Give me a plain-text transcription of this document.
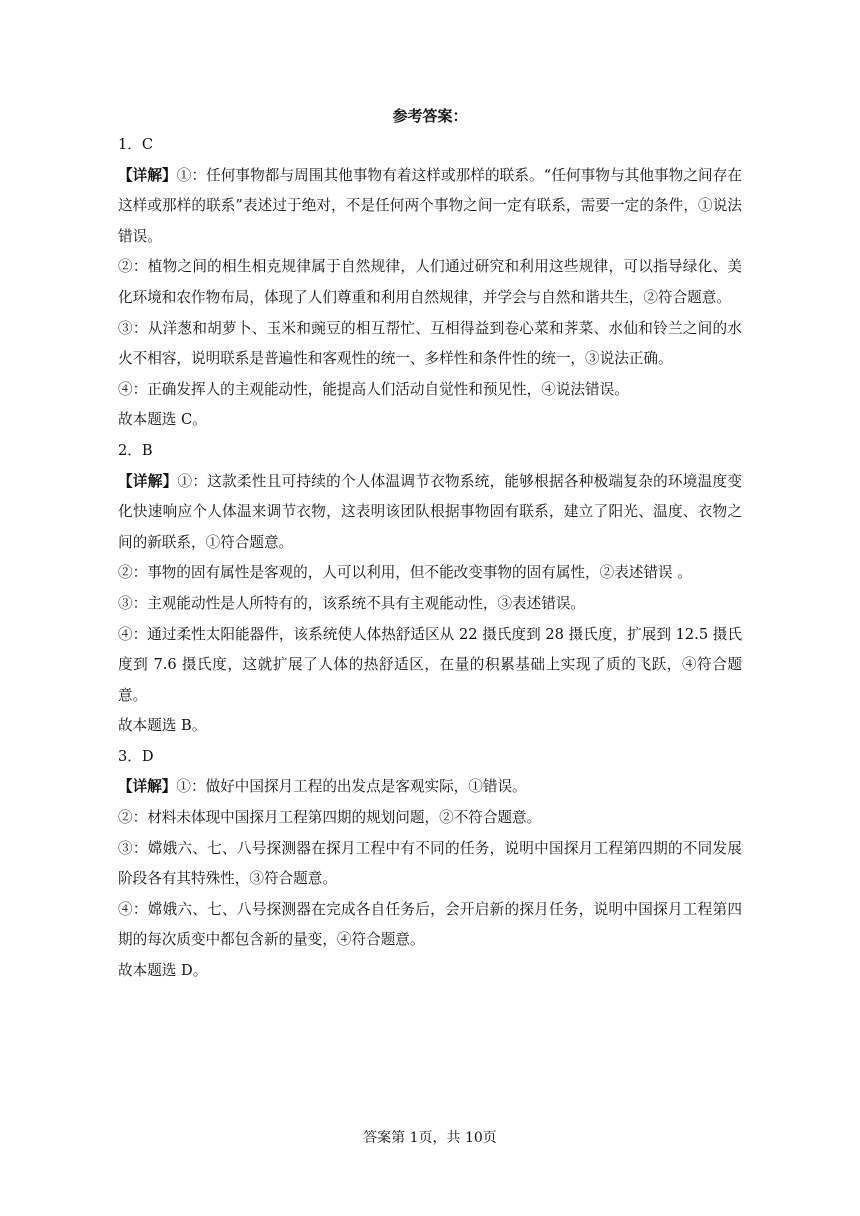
参考答案：

1．C

【详解】①：任何事物都与周围其他事物有着这样或那样的联系。“任何事物与其他事物之间存在这样或那样的联系”表述过于绝对，不是任何两个事物之间一定有联系，需要一定的条件，①说法错误。

②：植物之间的相生相克规律属于自然规律，人们通过研究和利用这些规律，可以指导绿化、美化环境和农作物布局，体现了人们尊重和利用自然规律，并学会与自然和谐共生，②符合题意。

③：从洋葱和胡萝卜、玉米和豌豆的相互帮忙、互相得益到卷心菜和荠菜、水仙和铃兰之间的水火不相容，说明联系是普遍性和客观性的统一、多样性和条件性的统一，③说法正确。

④：正确发挥人的主观能动性，能提高人们活动自觉性和预见性，④说法错误。

故本题选 C。

2．B

【详解】①：这款柔性且可持续的个人体温调节衣物系统，能够根据各种极端复杂的环境温度变化快速响应个人体温来调节衣物，这表明该团队根据事物固有联系，建立了阳光、温度、衣物之间的新联系，①符合题意。

②：事物的固有属性是客观的，人可以利用，但不能改变事物的固有属性，②表述错误 。

③：主观能动性是人所特有的，该系统不具有主观能动性，③表述错误。

④：通过柔性太阳能器件，该系统使人体热舒适区从 22 摄氏度到 28 摄氏度，扩展到 12.5 摄氏度到 7.6 摄氏度，这就扩展了人体的热舒适区，在量的积累基础上实现了质的飞跃，④符合题意。

故本题选 B。

3．D

【详解】①：做好中国探月工程的出发点是客观实际，①错误。

②：材料未体现中国探月工程第四期的规划问题，②不符合题意。

③：嫦娥六、七、八号探测器在探月工程中有不同的任务，说明中国探月工程第四期的不同发展阶段各有其特殊性，③符合题意。

④：嫦娥六、七、八号探测器在完成各自任务后，会开启新的探月任务，说明中国探月工程第四期的每次质变中都包含新的量变，④符合题意。

故本题选 D。

答案第 1页，共 10页
